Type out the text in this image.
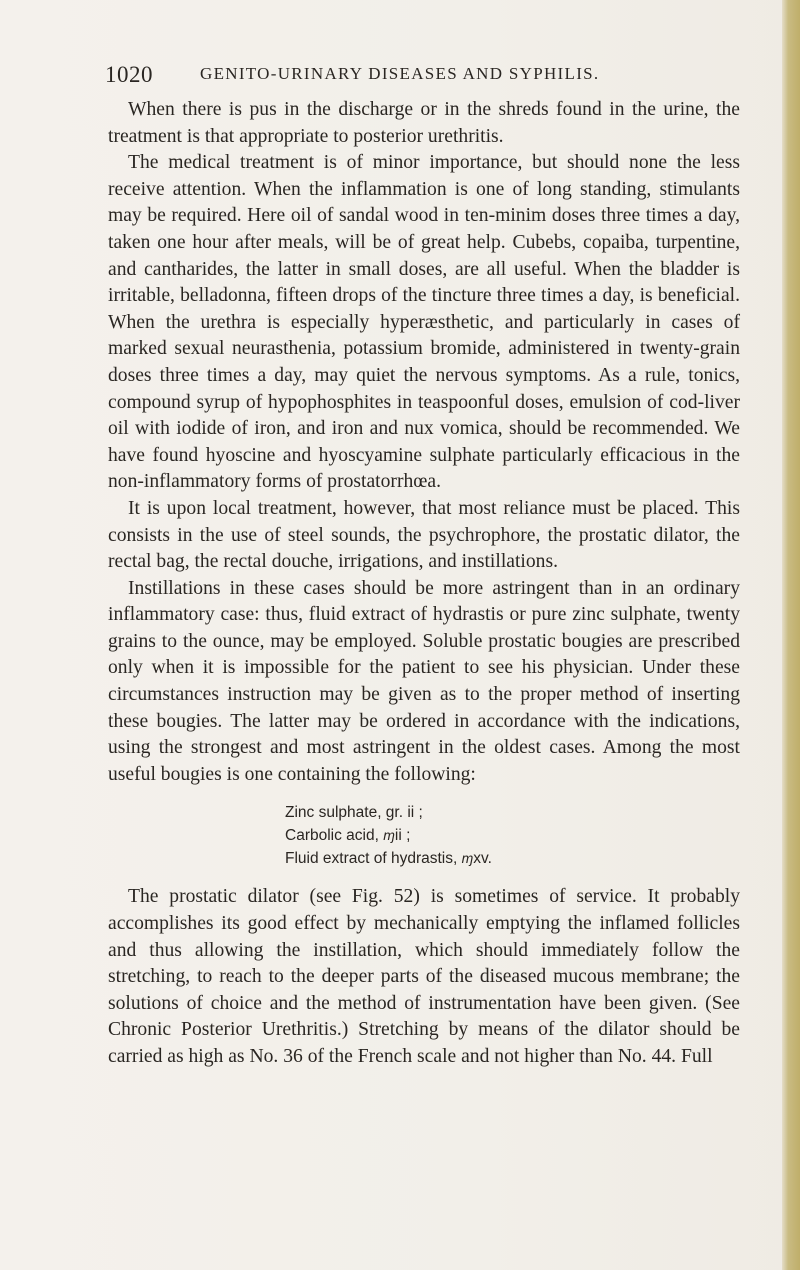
1020	GENITO-URINARY DISEASES AND SYPHILIS.

When there is pus in the discharge or in the shreds found in the urine, the treatment is that appropriate to posterior urethritis.

The medical treatment is of minor importance, but should none the less receive attention. When the inflammation is one of long standing, stimulants may be required. Here oil of sandal wood in ten-minim doses three times a day, taken one hour after meals, will be of great help. Cubebs, copaiba, turpentine, and cantharides, the latter in small doses, are all useful. When the bladder is irritable, belladonna, fifteen drops of the tincture three times a day, is beneficial. When the urethra is especially hyperæsthetic, and particularly in cases of marked sexual neurasthenia, potassium bromide, administered in twenty-grain doses three times a day, may quiet the nervous symptoms. As a rule, tonics, compound syrup of hypophosphites in teaspoonful doses, emulsion of cod-liver oil with iodide of iron, and iron and nux vomica, should be recommended. We have found hyoscine and hyoscyamine sulphate particularly efficacious in the non-inflammatory forms of prostatorrhœa.

It is upon local treatment, however, that most reliance must be placed. This consists in the use of steel sounds, the psychrophore, the prostatic dilator, the rectal bag, the rectal douche, irrigations, and instillations.

Instillations in these cases should be more astringent than in an ordinary inflammatory case: thus, fluid extract of hydrastis or pure zinc sulphate, twenty grains to the ounce, may be employed. Soluble prostatic bougies are prescribed only when it is impossible for the patient to see his physician. Under these circumstances instruction may be given as to the proper method of inserting these bougies. The latter may be ordered in accordance with the indications, using the strongest and most astringent in the oldest cases. Among the most useful bougies is one containing the following:

Zinc sulphate, gr. ii ;
Carbolic acid, ɱii ;
Fluid extract of hydrastis, ɱxv.

The prostatic dilator (see Fig. 52) is sometimes of service. It probably accomplishes its good effect by mechanically emptying the inflamed follicles and thus allowing the instillation, which should immediately follow the stretching, to reach to the deeper parts of the diseased mucous membrane; the solutions of choice and the method of instrumentation have been given. (See Chronic Posterior Urethritis.) Stretching by means of the dilator should be carried as high as No. 36 of the French scale and not higher than No. 44. Full
